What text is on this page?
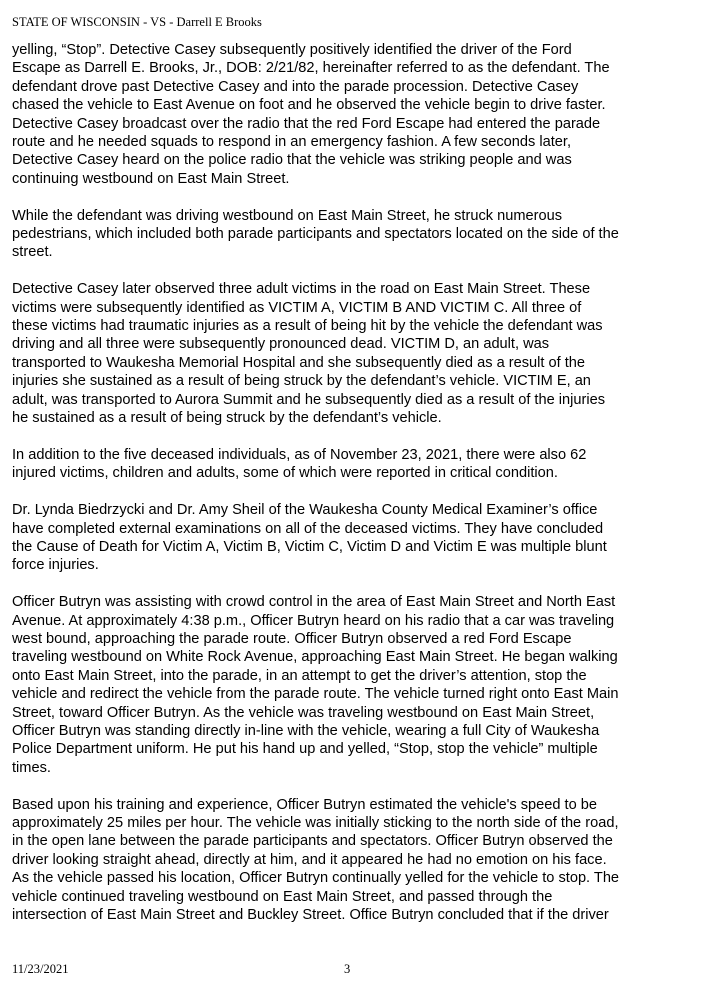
STATE OF WISCONSIN - VS - Darrell E Brooks

yelling, “Stop”. Detective Casey subsequently positively identified the driver of the Ford
Escape as Darrell E. Brooks, Jr., DOB: 2/21/82, hereinafter referred to as the defendant. The
defendant drove past Detective Casey and into the parade procession. Detective Casey
chased the vehicle to East Avenue on foot and he observed the vehicle begin to drive faster.
Detective Casey broadcast over the radio that the red Ford Escape had entered the parade
route and he needed squads to respond in an emergency fashion. A few seconds later,
Detective Casey heard on the police radio that the vehicle was striking people and was
continuing westbound on East Main Street.

While the defendant was driving westbound on East Main Street, he struck numerous
pedestrians, which included both parade participants and spectators located on the side of the
street.

Detective Casey later observed three adult victims in the road on East Main Street. These
victims were subsequently identified as VICTIM A, VICTIM B AND VICTIM C. All three of
these victims had traumatic injuries as a result of being hit by the vehicle the defendant was
driving and all three were subsequently pronounced dead. VICTIM D, an adult, was
transported to Waukesha Memorial Hospital and she subsequently died as a result of the
injuries she sustained as a result of being struck by the defendant’s vehicle. VICTIM E, an
adult, was transported to Aurora Summit and he subsequently died as a result of the injuries
he sustained as a result of being struck by the defendant’s vehicle.

In addition to the five deceased individuals, as of November 23, 2021, there were also 62
injured victims, children and adults, some of which were reported in critical condition.

Dr. Lynda Biedrzycki and Dr. Amy Sheil of the Waukesha County Medical Examiner’s office
have completed external examinations on all of the deceased victims. They have concluded
the Cause of Death for Victim A, Victim B, Victim C, Victim D and Victim E was multiple blunt
force injuries.

Officer Butryn was assisting with crowd control in the area of East Main Street and North East
Avenue. At approximately 4:38 p.m., Officer Butryn heard on his radio that a car was traveling
west bound, approaching the parade route. Officer Butryn observed a red Ford Escape
traveling westbound on White Rock Avenue, approaching East Main Street. He began walking
onto East Main Street, into the parade, in an attempt to get the driver’s attention, stop the
vehicle and redirect the vehicle from the parade route. The vehicle turned right onto East Main
Street, toward Officer Butryn. As the vehicle was traveling westbound on East Main Street,
Officer Butryn was standing directly in-line with the vehicle, wearing a full City of Waukesha
Police Department uniform. He put his hand up and yelled, “Stop, stop the vehicle” multiple
times.

Based upon his training and experience, Officer Butryn estimated the vehicle's speed to be
approximately 25 miles per hour. The vehicle was initially sticking to the north side of the road,
in the open lane between the parade participants and spectators. Officer Butryn observed the
driver looking straight ahead, directly at him, and it appeared he had no emotion on his face.
As the vehicle passed his location, Officer Butryn continually yelled for the vehicle to stop. The
vehicle continued traveling westbound on East Main Street, and passed through the
intersection of East Main Street and Buckley Street. Office Butryn concluded that if the driver

11/23/2021	3
